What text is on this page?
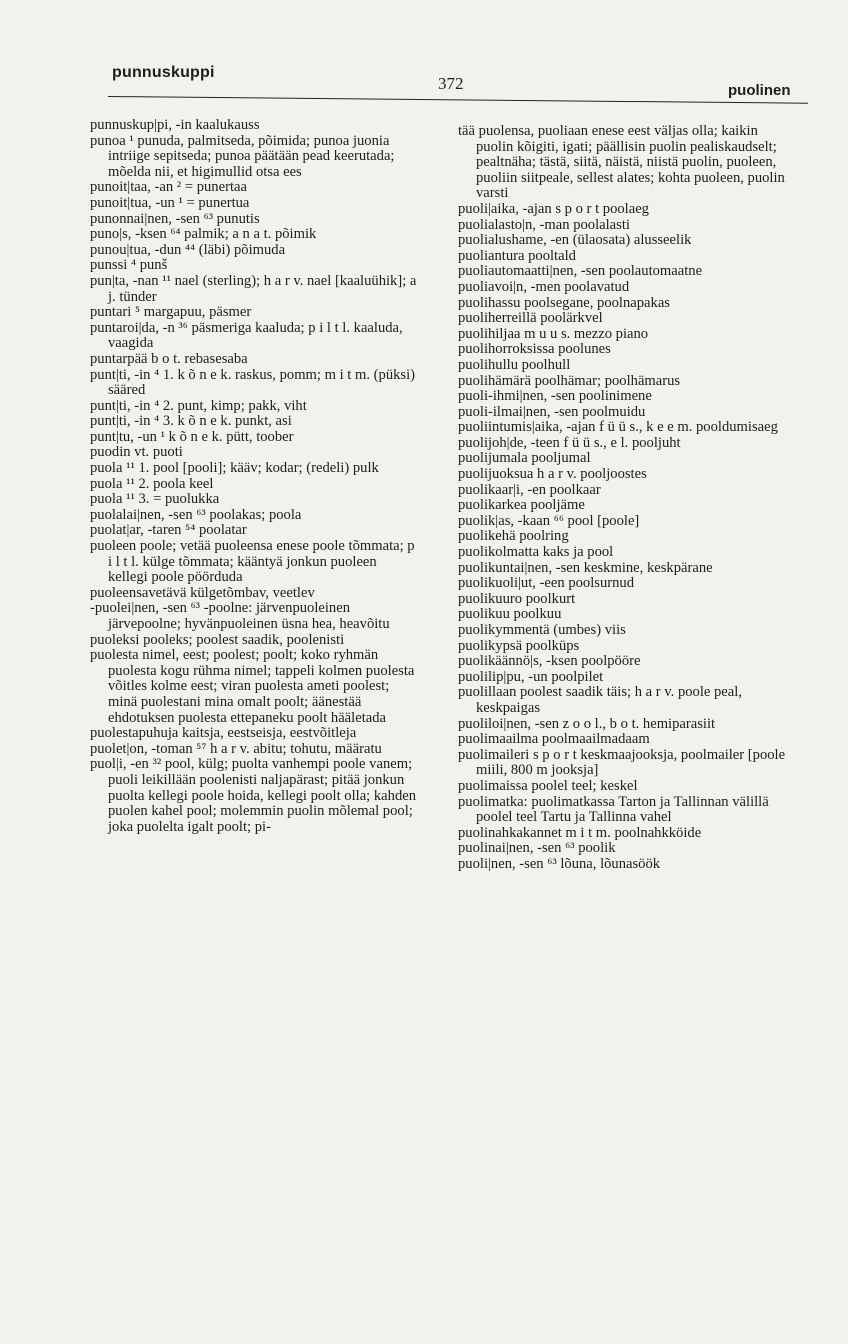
punnuskuppi
372	puolinen

punnuskup|pi, -in kaalukauss

punoa ¹ punuda, palmitseda, põimida; punoa juonia intriige sepitseda; punoa päätään pead keerutada; mõelda nii, et higimullid otsa ees

punoit|taa, -an ² = punertaa

punoit|tua, -un ¹ = punertua

punonnai|nen, -sen ⁶³ punutis

puno|s, -ksen ⁶⁴ palmik; a n a t. põimik

punou|tua, -dun ⁴⁴ (läbi) põimuda

punssi ⁴ punš

pun|ta, -nan ¹¹ nael (sterling); h a r v. nael [kaaluühik]; a j. tünder

puntari ⁵ margapuu, päsmer

puntaroi|da, -n ³⁶ päsmeriga kaaluda; p i l t l. kaaluda, vaagida

puntarpää b o t. rebasesaba

punt|ti, -in ⁴ 1. k õ n e k. raskus, pomm; m i t m. (püksi) sääred

punt|ti, -in ⁴ 2. punt, kimp; pakk, viht

punt|ti, -in ⁴ 3. k õ n e k. punkt, asi

punt|tu, -un ¹ k õ n e k. pütt, toober

puodin vt. puoti

puola ¹¹ 1. pool [pooli]; kääv; kodar; (redeli) pulk

puola ¹¹ 2. poola keel

puola ¹¹ 3. = puolukka

puolalai|nen, -sen ⁶³ poolakas; poola

puolat|ar, -taren ⁵⁴ poolatar

puoleen poole; vetää puoleensa enese poole tõmmata; p i l t l. külge tõmmata; kääntyä jonkun puoleen kellegi poole pöörduda

puoleensavetävä külgetõmbav, veetlev

-puolei|nen, -sen ⁶³ -poolne: järvenpuoleinen järvepoolne; hyvänpuoleinen üsna hea, heavõitu

puoleksi pooleks; poolest saadik, poolenisti

puolesta nimel, eest; poolest; poolt; koko ryhmän puolesta kogu rühma nimel; tappeli kolmen puolesta võitles kolme eest; viran puolesta ameti poolest; minä puolestani mina omalt poolt; äänestää ehdotuksen puolesta ettepaneku poolt hääletada

puolestapuhuja kaitsja, eestseisja, eestvõitleja

puolet|on, -toman ⁵⁷ h a r v. abitu; tohutu, määratu

puol|i, -en ³² pool, külg; puolta vanhempi poole vanem; puoli leikillään poolenisti naljapärast; pitää jonkun puolta kellegi poole hoida, kellegi poolt olla; kahden puolen kahel pool; molemmin puolin mõlemal pool; joka puolelta igalt poolt; pi-

tää puolensa, puoliaan enese eest väljas olla; kaikin puolin kõigiti, igati; päällisin puolin pealiskaudselt; pealtnäha; tästä, siitä, näistä, niistä puolin, puoleen, puoliin siitpeale, sellest alates; kohta puoleen, puolin varsti

puoli|aika, -ajan s p o r t poolaeg

puolialasto|n, -man poolalasti

puolialushame, -en (ülaosata) alusseelik

puoliantura pooltald

puoliautomaatti|nen, -sen poolautomaatne

puoliavoi|n, -men poolavatud

puolihassu poolsegane, poolnapakas

puoliherreillä poolärkvel

puolihiljaa m u u s. mezzo piano

puolihorroksissa poolunes

puolihullu poolhull

puolihämärä poolhämar; poolhämarus

puoli-ihmi|nen, -sen poolinimene

puoli-ilmai|nen, -sen poolmuidu

puoliintumis|aika, -ajan f ü ü s., k e e m. pooldumisaeg

puolijoh|de, -teen f ü ü s., e l. pooljuht

puolijumala pooljumal

puolijuoksua h a r v. pooljoostes

puolikaar|i, -en poolkaar

puolikarkea pooljäme

puolik|as, -kaan ⁶⁶ pool [poole]

puolikehä poolring

puolikolmatta kaks ja pool

puolikuntai|nen, -sen keskmine, keskpärane

puolikuoli|ut, -een poolsurnud

puolikuuro poolkurt

puolikuu poolkuu

puolikymmentä (umbes) viis

puolikypsä poolküps

puolikäännö|s, -ksen poolpööre

puolilip|pu, -un poolpilet

puolillaan poolest saadik täis; h a r v. poole peal, keskpaigas

puoliloi|nen, -sen z o o l., b o t. hemiparasiit

puolimaailma poolmaailmadaam

puolimaileri s p o r t keskmaajooksja, poolmailer [poole miili, 800 m jooksja]

puolimaissa poolel teel; keskel

puolimatka: puolimatkassa Tarton ja Tallinnan välillä poolel teel Tartu ja Tallinna vahel

puolinahkakannet m i t m. poolnahkköide

puolinai|nen, -sen ⁶³ poolik

puoli|nen, -sen ⁶³ lõuna, lõunasöök
